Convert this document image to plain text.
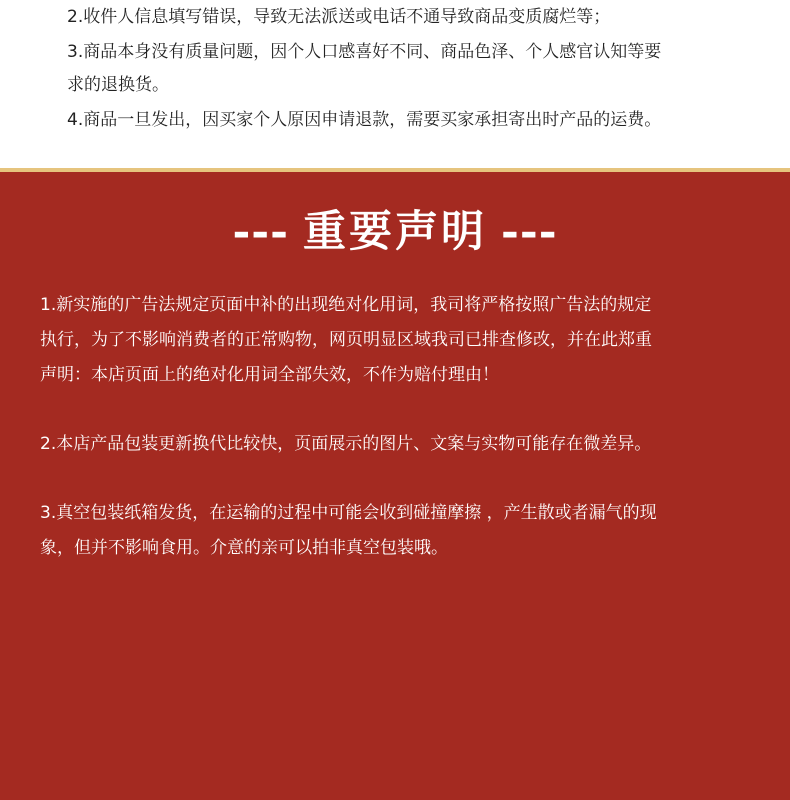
2.收件人信息填写错误，导致无法派送或电话不通导致商品变质腐烂等；
3.商品本身没有质量问题，因个人口感喜好不同、商品色泽、个人感官认知等要
求的退换货。
4.商品一旦发出，因买家个人原因申请退款，需要买家承担寄出时产品的运费。
--- 重要声明 ---
1.新实施的广告法规定页面中补的出现绝对化用词，我司将严格按照广告法的规定
执行，为了不影响消费者的正常购物，网页明显区域我司已排查修改，并在此郑重
声明：本店页面上的绝对化用词全部失效，不作为赔付理由！
2.本店产品包装更新换代比较快，页面展示的图片、文案与实物可能存在微差异。
3.真空包装纸箱发货，在运输的过程中可能会收到碰撞摩擦 ，产生散或者漏气的现
象，但并不影响食用。介意的亲可以拍非真空包装哦。
